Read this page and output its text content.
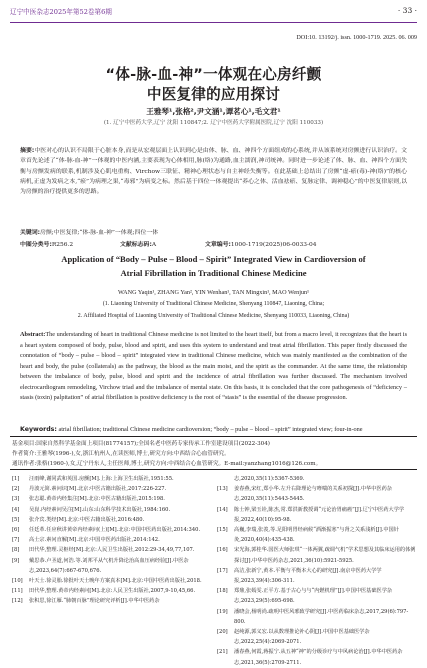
辽宁中医杂志2025年第52卷第6期	· 33 ·
DOI:10. 13192/j. issn. 1000-1719. 2025. 06. 009
“体-脉-血-神”一体观在心房纤颤
中医复律的应用探讨
王雅琴¹,张格²,尹文涵¹,谭茗心¹,毛文君¹
(1. 辽宁中医药大学,辽宁 沈阳 110847;2. 辽宁中医药大学附属医院,辽宁 沈阳 110033)
摘要:中医对心的认识不局限于心脏本身,而是从宏观层面上认识到心是由体、脉、血、神四个方面组成的心系统,并从该系统对房颤进行认识治疗。文章首先论述了“体-脉-血-神”一体观的中医内涵,主要表现为心体相用,脉(络)为通路,血主濡润,神司统神。同时进一步论述了体、脉、血、神四个方面失衡与房颤发病的联系,机制涉及心肌电重构、Virchow三联征、精神心理状态与自主神经失衡等。在此基础上总结出了房颤“虚-瘀(毒)-神(络)”的核心病机,正虚为发病之本,“瘀”为病理之果,“毒邪”为病变之标。然后基于四位一体观提出“养心之体、活血祛瘀、复脉定律、调神稳心”的中医复律原则,以为房颤的治疗提供更多的思路。
关键词:房颤;中医复律;“体-脉-血-神”一体观;四位一体
中图分类号:R256.2	文献标志码:A	文章编号:1000-1719(2025)06-0033-04
Application of “Body – Pulse – Blood – Spirit” Integrated View in Cardioversion of
Atrial Fibrillation in Traditional Chinese Medicine
WANG Yaqin¹, ZHANG Yan², YIN Wenhan¹, TAN Mingxin¹, MAO Wenjun¹
(1. Liaoning University of Traditional Chinese Medicine, Shenyang 110847, Liaoning, China;
2. Affiliated Hospital of Liaoning University of Traditional Chinese Medicine, Shenyang 110033, Liaoning, China)
Abstract:The understanding of heart in traditional Chinese medicine is not limited to the heart itself, but from a macro level, it recognizes that the heart is a heart system composed of body, pulse, blood and spirit, and uses this system to understand and treat atrial fibrillation. This paper firstly discussed the connotation of “body – pulse – blood – spirit” integrated view in traditional Chinese medicine, which was mainly manifested as the combination of the heart and body, the pulse (collaterals) as the pathway, the blood as the main moist, and the spirit as the commander. At the same time, the relationship between the imbalance of body, pulse, blood and spirit and the incidence of atrial fibrillation was further discussed. The mechanism involved electrocardiogram remodeling, Virchow triad and the imbalance of mental state. On this basis, it is concluded that the core pathogenesis of “deficiency – stasis (toxin) palpitation” of atrial fibrillation is positive deficiency is the root of “stasis” is the essential of the disease progression.
Keywords: atrial fibrillation; traditional Chinese medicine cardioversion; “body – pulse – blood – spirit” integrated view; four-in-one
基金项目:国家自然科学基金面上项目(81774157);全国名老中医药专家传承工作室建设项目(2022-304)
作者简介:王雅琴(1996-),女,浙江杭州人,在读医师,博士,研究方向:中西结合心血管研究。
通讯作者:张格(1960-),女,辽宁丹东人,主任医师,博士,研究方向:中西结合心血管研究。E-mail:yanzhang1016@126.com。
[1]	汪雨峰,谢同武和英国.房颤[M].上海:上海卫生出版社,1951:55.
[2]	丹波元简.素问识[M].北京:中医古籍出版社,2017:226-227.
[3]	张志聪.黄帝内经集注[M].北京:中医古籍出版社,2015:198.
[4]	吴崑.内经素问吴注[M].山东:山东科学技术出版社,1984:160.
[5]	张介宾.类经[M].北京:中医古籍出版社,2016:480.
[6]	任廷革.任应秋讲黄帝内经素问(上)[M].北京:中国中医药出版社,2014:340.
[7]	高士宗.素问直解[M].北京:中国中医药出版社,2014:142.
[8]	田代华,整理.灵枢经[M].北京:人民卫生出版社,2012:29-34,49,77,107.
[9]	戴思恭.卢圣道,何浩.等.刘邦平从气机升降论治高血压病经验[J].中医杂志,2023,64(7):667-670,676.
[10]	叶天士.徐灵胎.徐批叶天士晚年方案真本[M].北京:中国中医药出版社,2018.
[11]	田代华,整理.黄帝内经素问[M].北京:人民卫生出版社,2007,9-10,45,66.
[12]	张积思,徐江雁.“肺朝百脉”理论研究评析[J].中华中医药杂
志,2020,35(11):5367-5369.
[13]	姜春燕,宋红,郑小华.左升右降理论与哮喘的关系初探[J].中华中医药杂志,2020,35(11):5443-5445.
[14]	陈士钟,梁玉铨,陈杰,常.郑洪新教授调“元论治胃痛癌”[J].辽宁中医药大学学报,2022,40(10):95-98.
[15]	高巍,李瑞,张羡,等.足阳明胃经病候“酒渐振寒”与肾之关系浅析[J].中国针灸,2020,40(4):435-438.
[16]	宋光海,郭桂华.国医大师张琪“一体两翼,疏调气机”学术思想及其临床运用的体例探讨[J].中华中医药杂志,2021,36(10):5921-5925.
[17]	高洁,张新宁,黄本.平衡与平衡本大心的研究[J].南京中医药大学学报,2023,39(4):306-311.
[18]	郑鼎,张嫣雯.正平方.基于古心与与“内燃机理”[J].中国中医基础医学杂志,2023,29(5):695-698.
[19]	潘晓会,杨明尚.疏明中医风邪致学研究[J].中医药临床杂志,2017,29(6):797-800.
[20]	赵纯源,郭义宏.以从数理推论补心阴[J].中国中医基础医学杂志,2022,25(4):2069-2071.
[21]	潘春燕,何霞,蒋振宁.从五神“神”的分级诊疗与中风病论治[J].中华中医药杂志,2021,36(5):2709-2711.
